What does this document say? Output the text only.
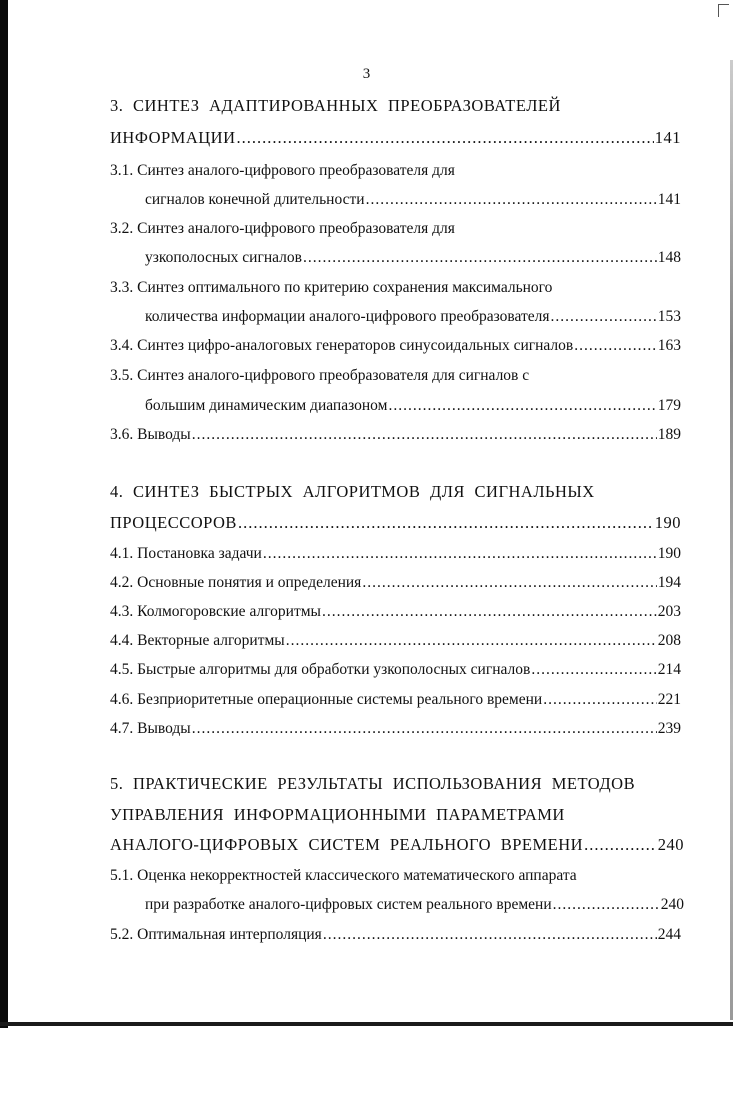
3
3. СИНТЕЗ АДАПТИРОВАННЫХ ПРЕОБРАЗОВАТЕЛЕЙ
ИНФОРМАЦИИ .....	141
3.1. Синтез аналого-цифрового преобразователя для
сигналов конечной длительности .....	141
3.2. Синтез аналого-цифрового преобразователя для
узкополосных сигналов .....	148
3.3. Синтез оптимального по критерию сохранения максимального
количества информации аналого-цифрового преобразователя .....	153
3.4. Синтез цифро-аналоговых генераторов синусоидальных сигналов .....	163
3.5. Синтез аналого-цифрового преобразователя для сигналов с
большим динамическим диапазоном .....	179
3.6. Выводы .....	189
4. СИНТЕЗ БЫСТРЫХ АЛГОРИТМОВ ДЛЯ СИГНАЛЬНЫХ
ПРОЦЕССОРОВ .....	190
4.1. Постановка задачи .....	190
4.2. Основные понятия и определения .....	194
4.3. Колмогоровские алгоритмы .....	203
4.4. Векторные алгоритмы .....	208
4.5. Быстрые алгоритмы для обработки узкополосных сигналов .....	214
4.6. Безприоритетные операционные системы реального времени .....	221
4.7. Выводы .....	239
5. ПРАКТИЧЕСКИЕ РЕЗУЛЬТАТЫ ИСПОЛЬЗОВАНИЯ МЕТОДОВ
УПРАВЛЕНИЯ ИНФОРМАЦИОННЫМИ ПАРАМЕТРАМИ
АНАЛОГО-ЦИФРОВЫХ СИСТЕМ РЕАЛЬНОГО ВРЕМЕНИ .....	240
5.1. Оценка некорректностей классического математического аппарата
при разработке аналого-цифровых систем реального времени .....	240
5.2. Оптимальная интерполяция .....	244
